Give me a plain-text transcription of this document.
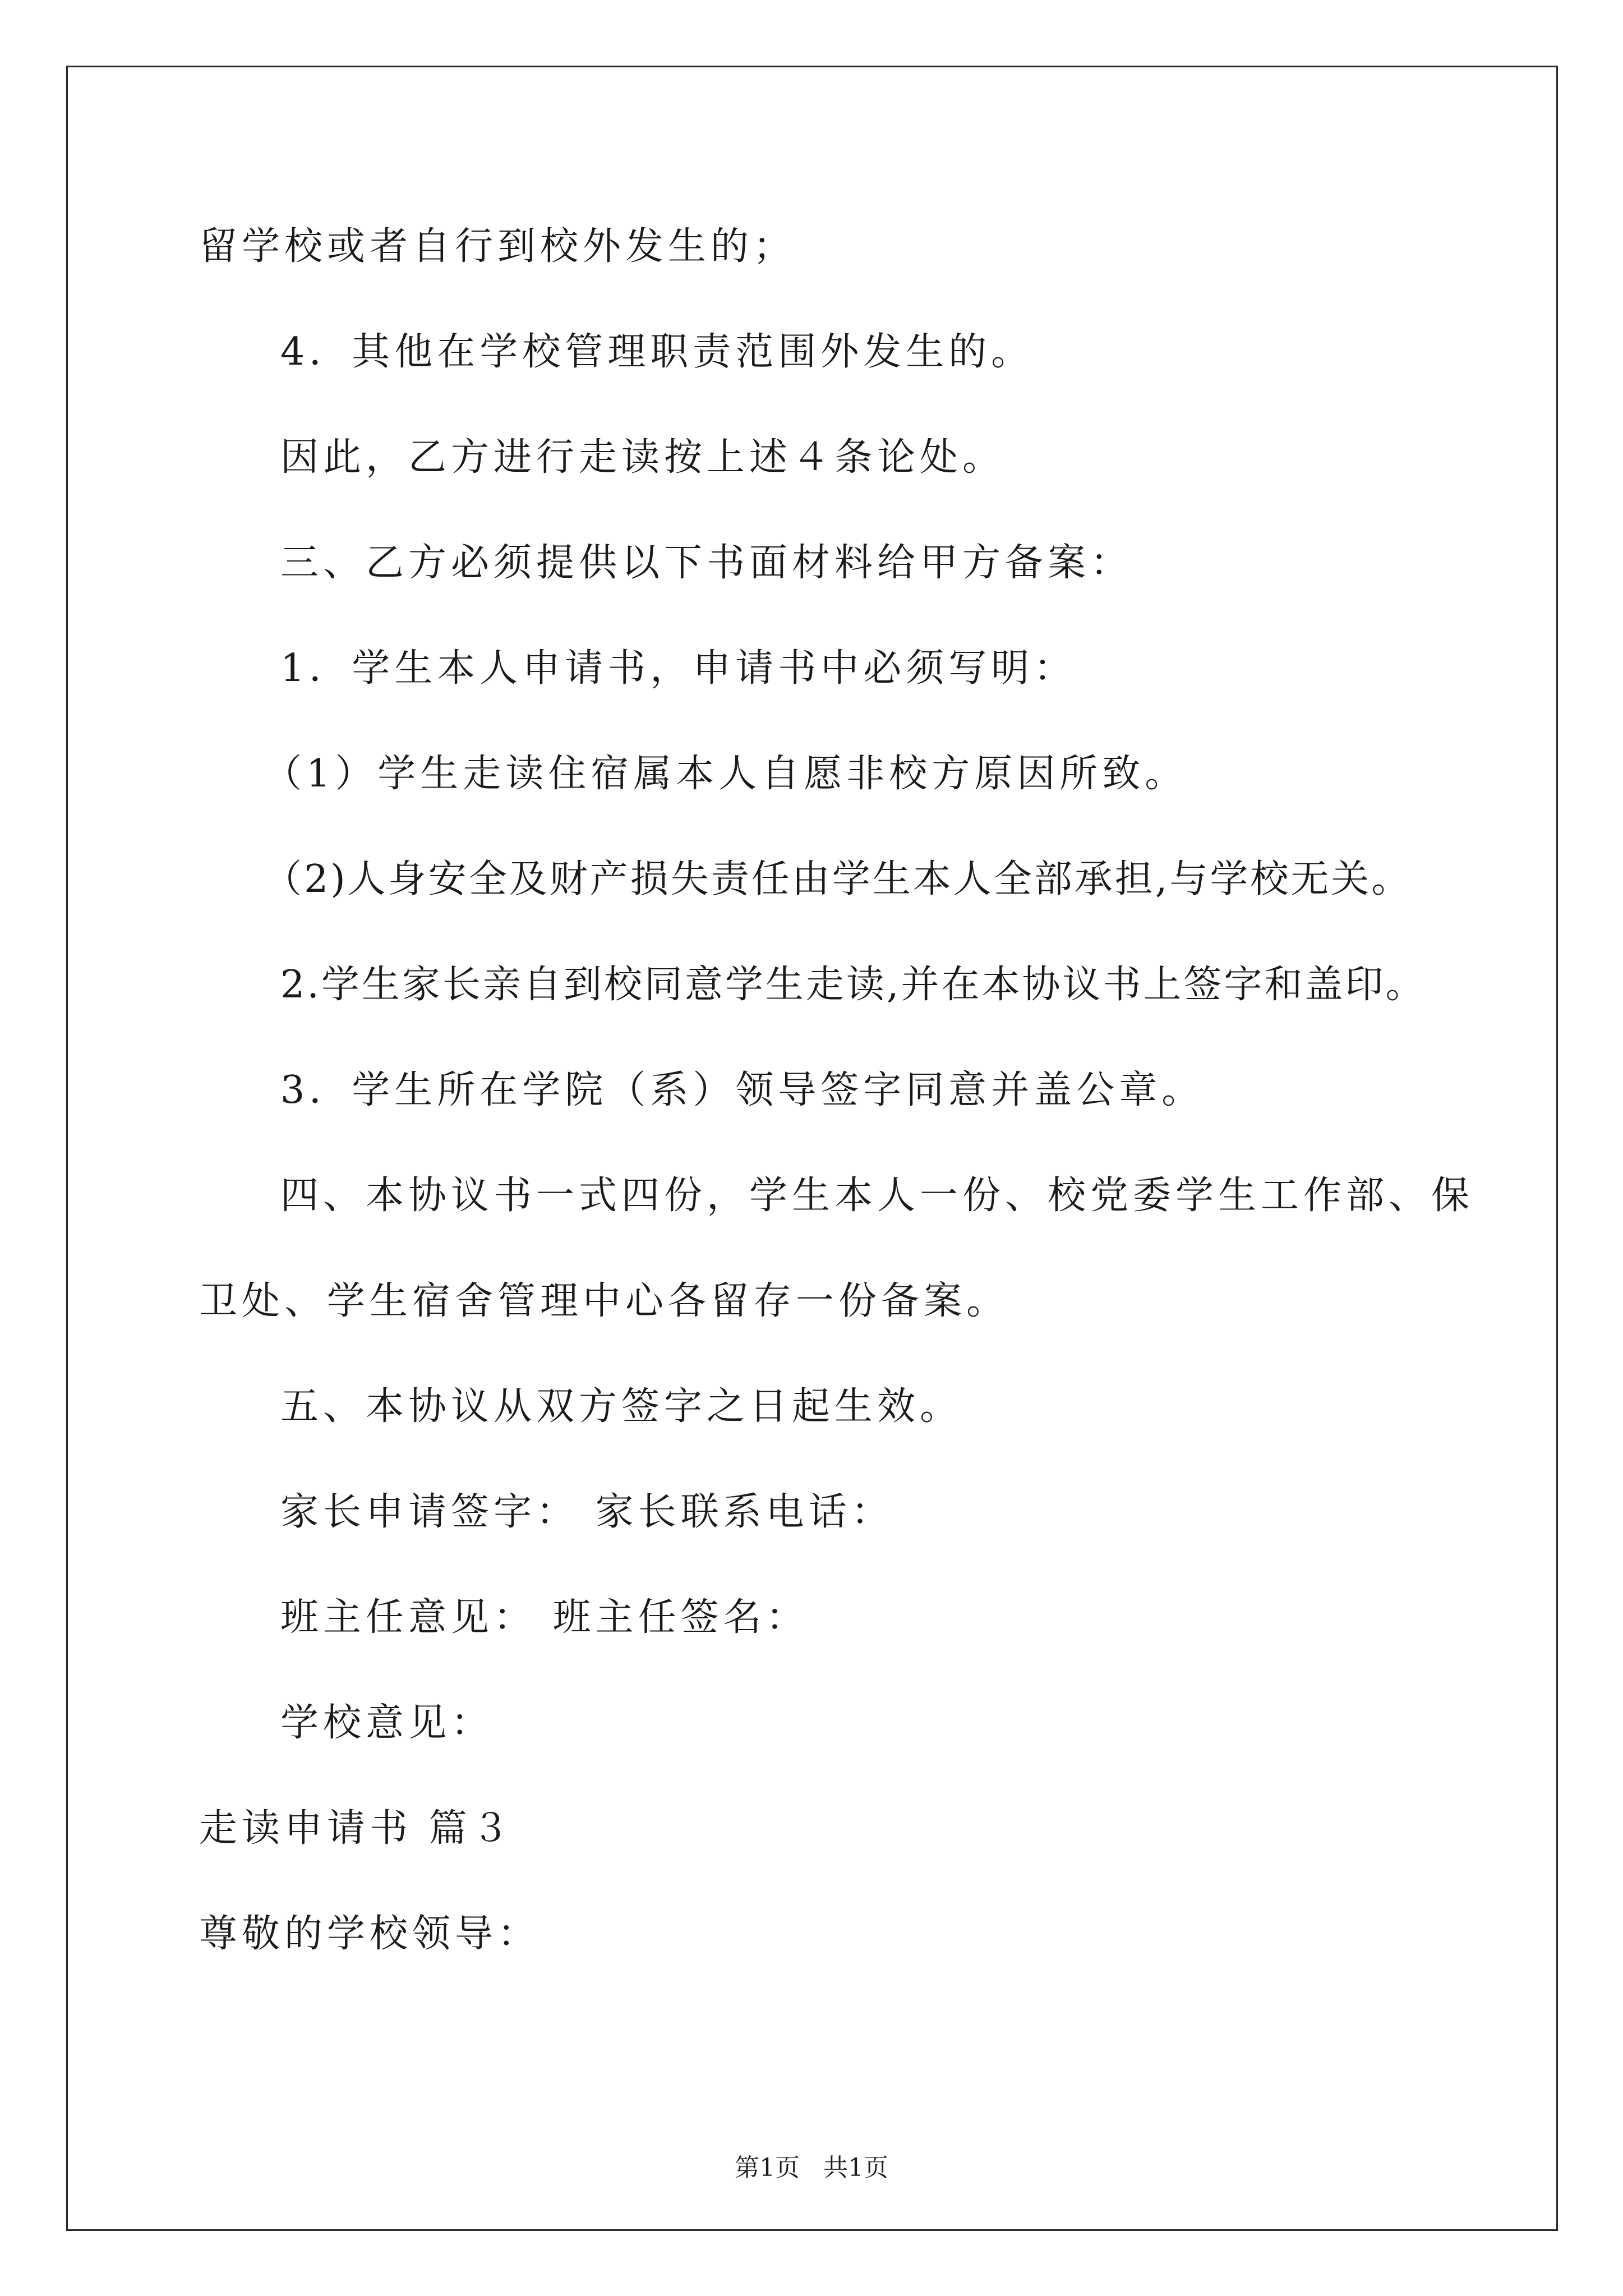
留学校或者自行到校外发生的；
4．其他在学校管理职责范围外发生的。
因此，乙方进行走读按上述４条论处。
三、乙方必须提供以下书面材料给甲方备案：
1．学生本人申请书，申请书中必须写明：
（1）学生走读住宿属本人自愿非校方原因所致。
（2)人身安全及财产损失责任由学生本人全部承担,与学校无关。
2.学生家长亲自到校同意学生走读,并在本协议书上签字和盖印。
3．学生所在学院（系）领导签字同意并盖公章。
四、本协议书一式四份，学生本人一份、校党委学生工作部、保
卫处、学生宿舍管理中心各留存一份备案。
五、本协议从双方签字之日起生效。
家长申请签字： 家长联系电话：
班主任意见： 班主任签名：
学校意见：
走读申请书 篇３
尊敬的学校领导：
第1页   共1页
